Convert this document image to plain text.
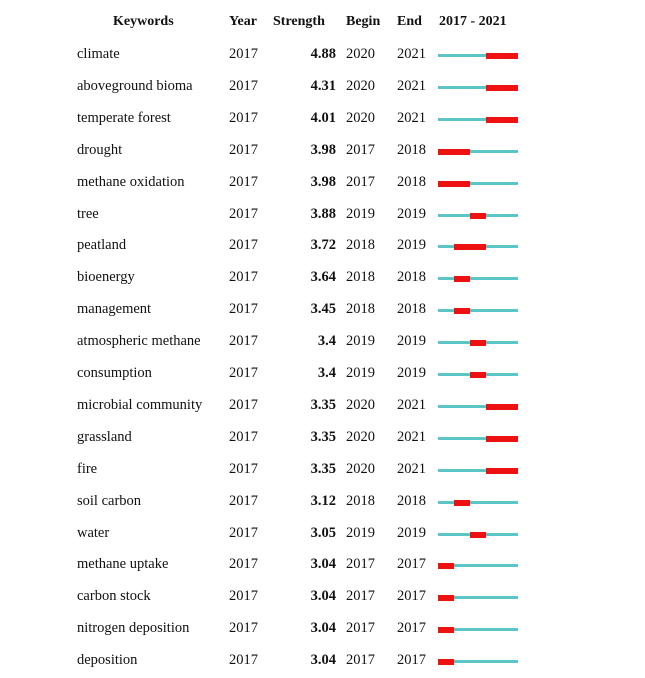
Keywords	Year Strength Begin End 2017 - 2021
climate	2017	4.88 2020 2021
aboveground bioma	2017	4.31 2020 2021
temperate forest	2017	4.01 2020 2021
drought	2017	3.98 2017 2018
methane oxidation	2017	3.98 2017 2018
tree	2017	3.88 2019 2019
peatland	2017	3.72 2018 2019
bioenergy	2017	3.64 2018 2018
management	2017	3.45 2018 2018
atmospheric methane 2017	3.4 2019 2019
consumption	2017	3.4 2019 2019
microbial community 2017	3.35 2020 2021
grassland	2017	3.35 2020 2021
fire	2017	3.35 2020 2021
soil carbon	2017	3.12 2018 2018
water	2017	3.05 2019 2019
methane uptake	2017	3.04 2017 2017
carbon stock	2017	3.04 2017 2017
nitrogen deposition	2017	3.04 2017 2017
deposition	2017	3.04 2017 2017
